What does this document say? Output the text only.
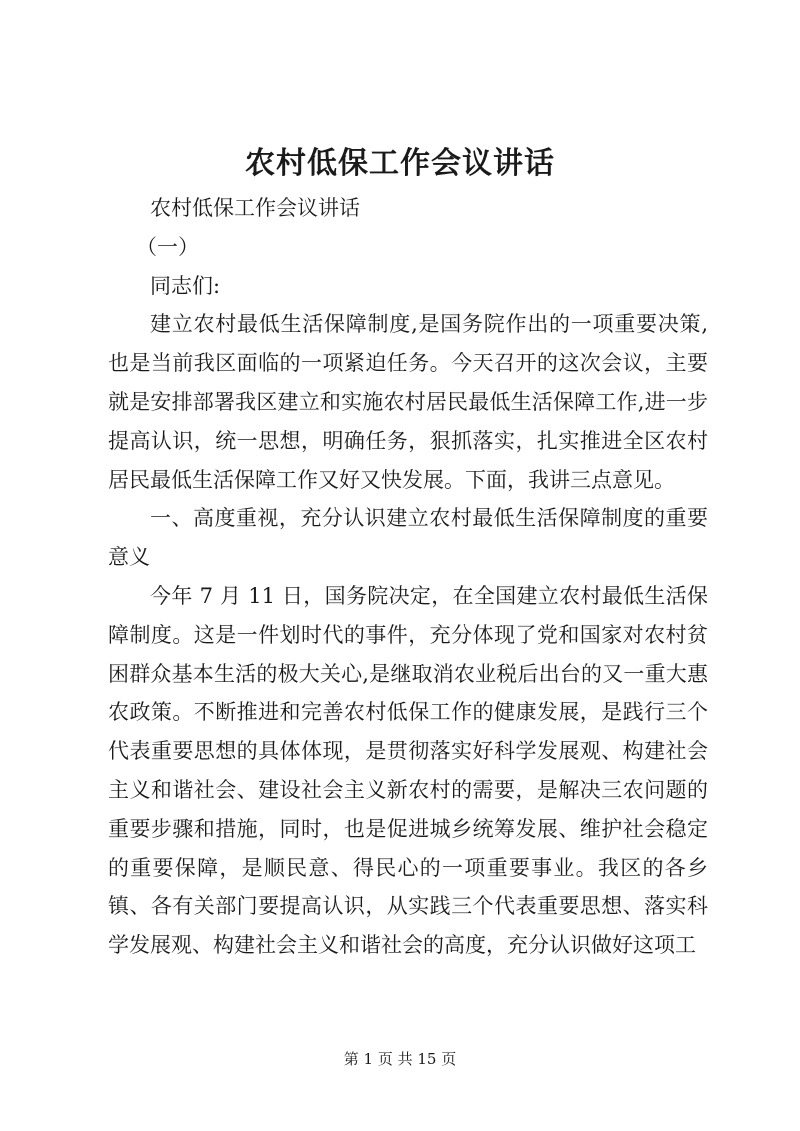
农村低保工作会议讲话

农村低保工作会议讲话

（一）

同志们:

建立农村最低生活保障制度,是国务院作出的一项重要决策,也是当前我区面临的一项紧迫任务。今天召开的这次会议，主要就是安排部署我区建立和实施农村居民最低生活保障工作,进一步提高认识，统一思想，明确任务，狠抓落实，扎实推进全区农村居民最低生活保障工作又好又快发展。下面，我讲三点意见。

一、高度重视，充分认识建立农村最低生活保障制度的重要意义

今年 7 月 11 日，国务院决定，在全国建立农村最低生活保障制度。这是一件划时代的事件，充分体现了党和国家对农村贫困群众基本生活的极大关心,是继取消农业税后出台的又一重大惠农政策。不断推进和完善农村低保工作的健康发展，是践行三个代表重要思想的具体体现，是贯彻落实好科学发展观、构建社会主义和谐社会、建设社会主义新农村的需要，是解决三农问题的重要步骤和措施，同时，也是促进城乡统筹发展、维护社会稳定的重要保障，是顺民意、得民心的一项重要事业。我区的各乡镇、各有关部门要提高认识，从实践三个代表重要思想、落实科学发展观、构建社会主义和谐社会的高度，充分认识做好这项工

第 1 页 共 15 页
